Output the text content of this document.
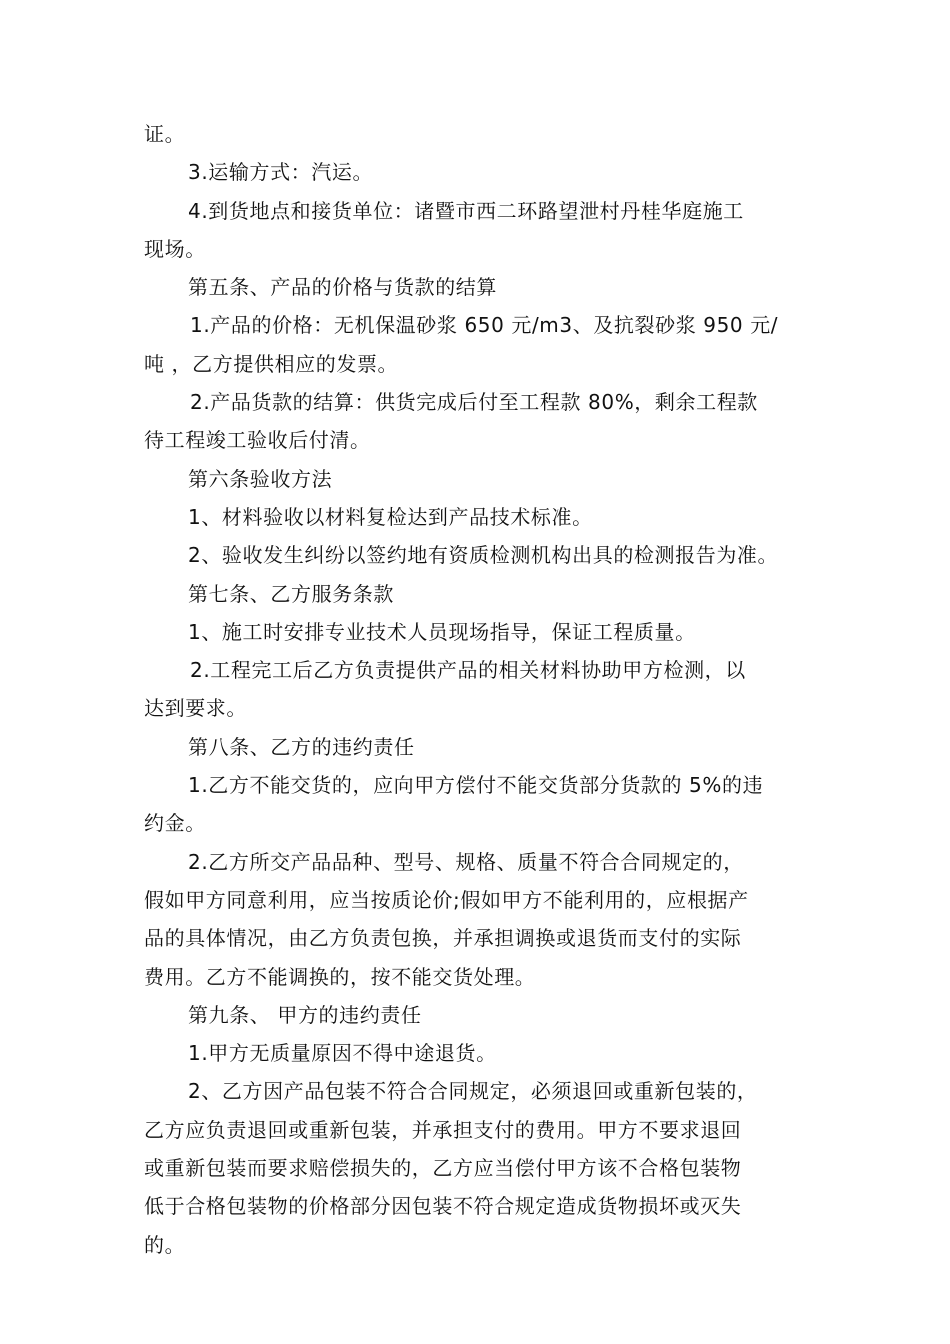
证。
3.运输方式：汽运。
4.到货地点和接货单位：诸暨市西二环路望泄村丹桂华庭施工
现场。
第五条、产品的价格与货款的结算
1.产品的价格：无机保温砂浆 650 元/m3、及抗裂砂浆 950 元/
吨 ，乙方提供相应的发票。
2.产品货款的结算：供货完成后付至工程款 80%，剩余工程款
待工程竣工验收后付清。
第六条验收方法
1、材料验收以材料复检达到产品技术标准。
2、验收发生纠纷以签约地有资质检测机构出具的检测报告为准。
第七条、乙方服务条款
1、施工时安排专业技术人员现场指导，保证工程质量。
2.工程完工后乙方负责提供产品的相关材料协助甲方检测，以
达到要求。
第八条、乙方的违约责任
1.乙方不能交货的，应向甲方偿付不能交货部分货款的 5%的违
约金。
2.乙方所交产品品种、型号、规格、质量不符合合同规定的，
假如甲方同意利用，应当按质论价;假如甲方不能利用的，应根据产
品的具体情况，由乙方负责包换，并承担调换或退货而支付的实际
费用。乙方不能调换的，按不能交货处理。
第九条、 甲方的违约责任
1.甲方无质量原因不得中途退货。
2、乙方因产品包装不符合合同规定，必须退回或重新包装的，
乙方应负责退回或重新包装，并承担支付的费用。甲方不要求退回
或重新包装而要求赔偿损失的，乙方应当偿付甲方该不合格包装物
低于合格包装物的价格部分因包装不符合规定造成货物损坏或灭失
的。
